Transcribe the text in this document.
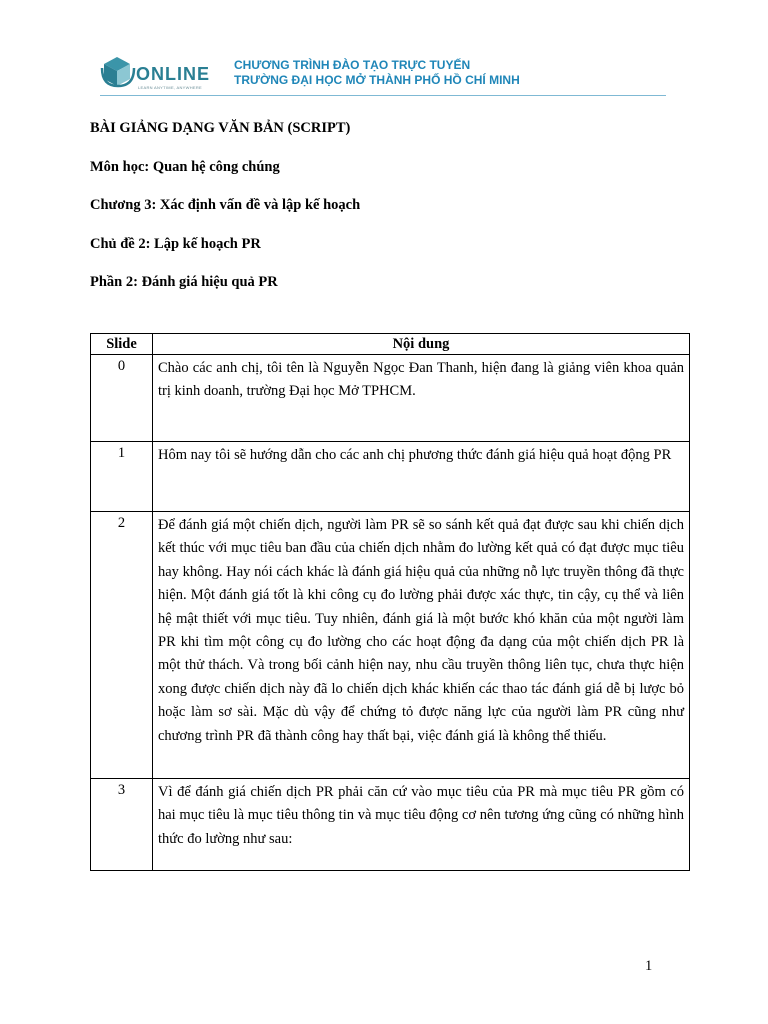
ONLINE
LEARN ANYTIME, ANYWHERE
CHƯƠNG TRÌNH ĐÀO TẠO TRỰC TUYẾN
TRƯỜNG ĐẠI HỌC MỞ THÀNH PHỐ HỒ CHÍ MINH
BÀI GIẢNG DẠNG VĂN BẢN (SCRIPT)
Môn học: Quan hệ công chúng
Chương 3: Xác định vấn đề và lập kế hoạch
Chủ đề 2: Lập kế hoạch PR
Phần 2: Đánh giá hiệu quả PR
Slide	Nội dung
0	Chào các anh chị, tôi tên là Nguyễn Ngọc Đan Thanh, hiện đang là giảng viên khoa quản trị kinh doanh, trường Đại học Mở TPHCM.
1	Hôm nay tôi sẽ hướng dẫn cho các anh chị phương thức đánh giá hiệu quả hoạt động PR
2	Để đánh giá một chiến dịch, người làm PR sẽ so sánh kết quả đạt được sau khi chiến dịch kết thúc với mục tiêu ban đầu của chiến dịch nhằm đo lường kết quả có đạt được mục tiêu hay không. Hay nói cách khác là đánh giá hiệu quả của những nỗ lực truyền thông đã thực hiện. Một đánh giá tốt là khi công cụ đo lường phải được xác thực, tin cậy, cụ thể và liên hệ mật thiết với mục tiêu. Tuy nhiên, đánh giá là một bước khó khăn của một người làm PR khi tìm một công cụ đo lường cho các hoạt động đa dạng của một chiến dịch PR là một thử thách. Và trong bối cảnh hiện nay, nhu cầu truyền thông liên tục, chưa thực hiện xong được chiến dịch này đã lo chiến dịch khác khiến các thao tác đánh giá dễ bị lược bỏ hoặc làm sơ sài. Mặc dù vậy để chứng tỏ được năng lực của người làm PR cũng như chương trình PR đã thành công hay thất bại, việc đánh giá là không thể thiếu.
3	Vì để đánh giá chiến dịch PR phải căn cứ vào mục tiêu của PR mà mục tiêu PR gồm có hai mục tiêu là mục tiêu thông tin và mục tiêu động cơ nên tương ứng cũng có những hình thức đo lường như sau:
1
